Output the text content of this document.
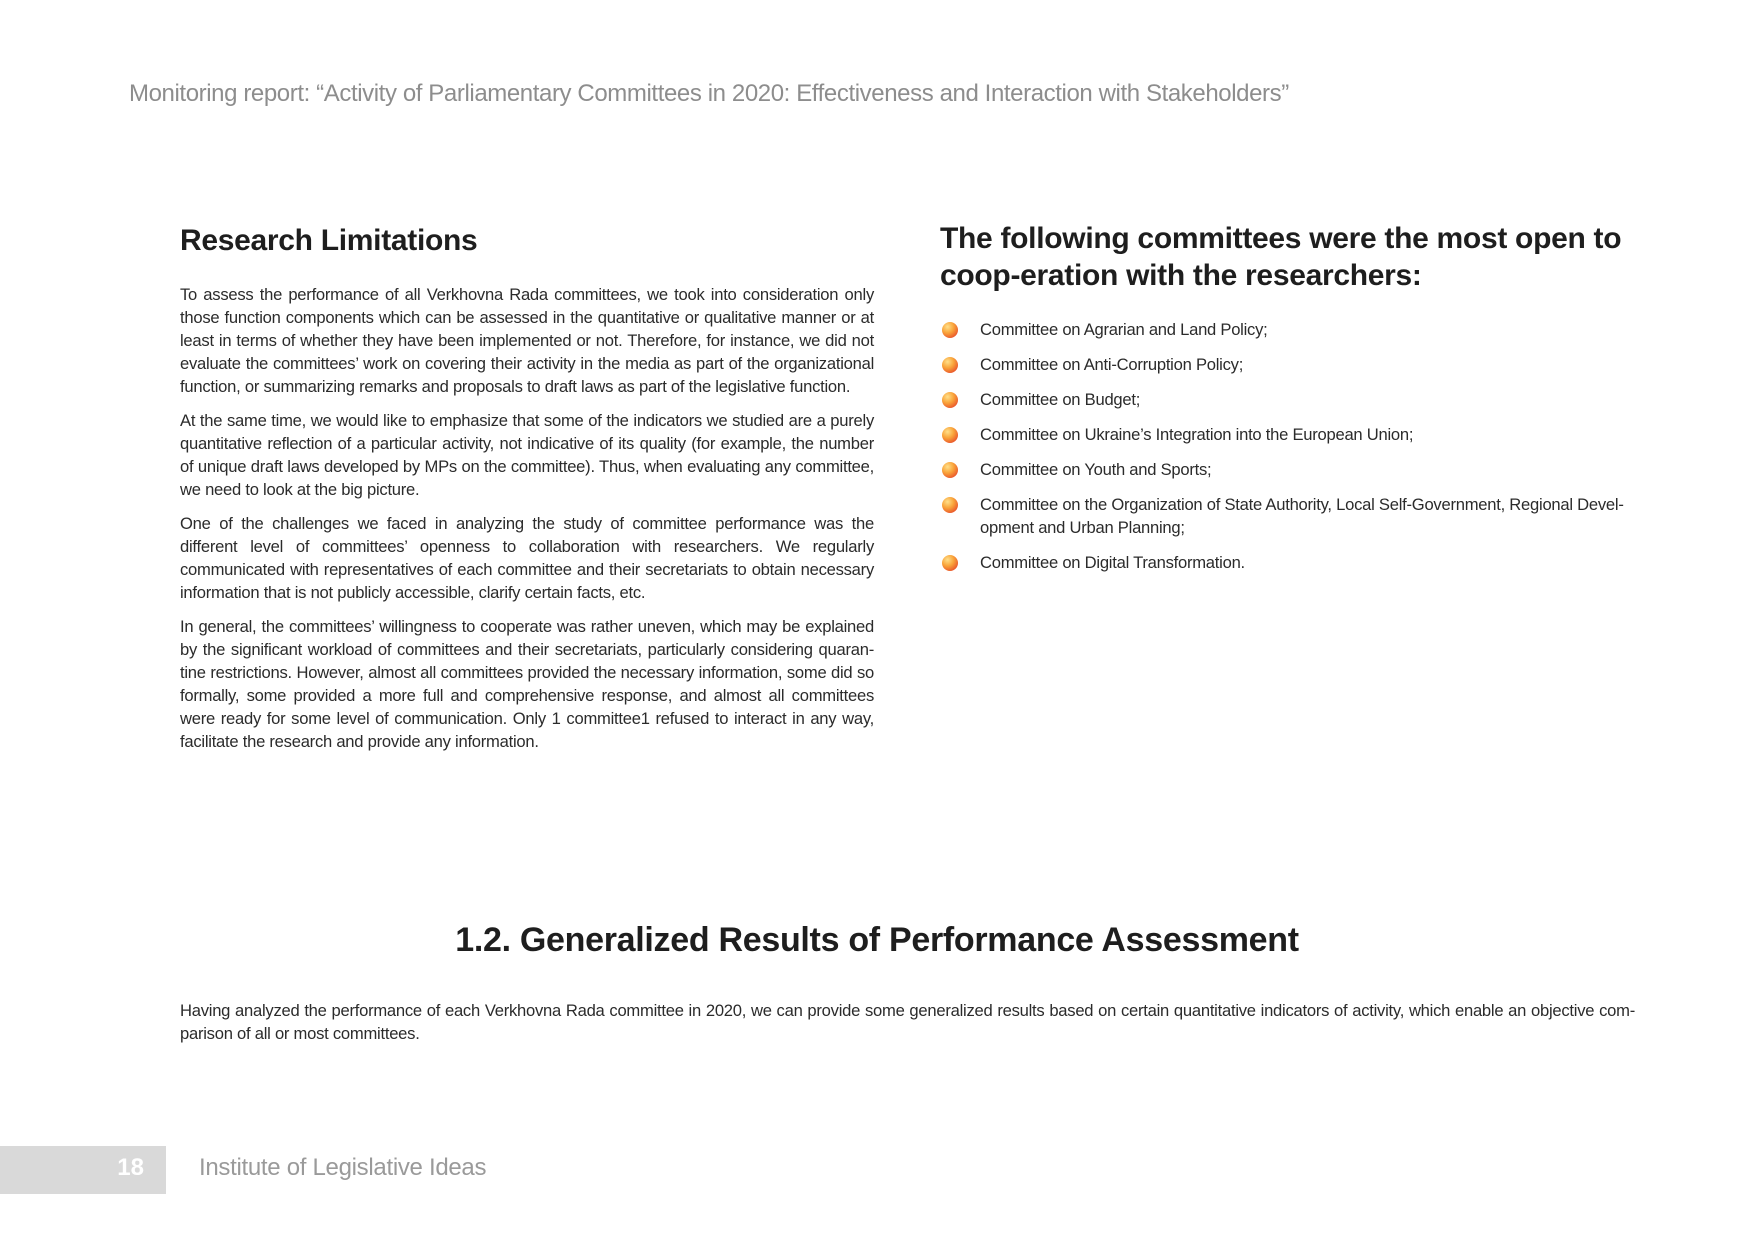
Monitoring report: “Activity of Parliamentary Committees in 2020: Effectiveness and Interaction with Stakeholders”
Research Limitations

To assess the performance of all Verkhovna Rada committees, we took into consideration only those function components which can be assessed in the quantitative or qualitative manner or at least in terms of whether they have been implemented or not. Therefore, for instance, we did not evaluate the committees’ work on covering their activity in the media as part of the organizational function, or summarizing remarks and proposals to draft laws as part of the legislative function.

At the same time, we would like to emphasize that some of the indicators we studied are a purely quantitative reflection of a particular activity, not indicative of its quality (for example, the number of unique draft laws developed by MPs on the committee). Thus, when evaluating any committee, we need to look at the big picture.

One of the challenges we faced in analyzing the study of committee performance was the different level of committees’ openness to collaboration with researchers. We regularly communicated with representatives of each committee and their secretariats to obtain necessary information that is not publicly accessible, clarify certain facts, etc.

In general, the committees’ willingness to cooperate was rather uneven, which may be explained by the significant workload of committees and their secretariats, particularly considering quaran-tine restrictions. However, almost all committees provided the necessary information, some did so formally, some provided a more full and comprehensive response, and almost all committees were ready for some level of communication. Only 1 committee1 refused to interact in any way, facilitate the research and provide any information.

The following committees were the most open to coop-eration with the researchers:
Committee on Agrarian and Land Policy;
Committee on Anti-Corruption Policy;
Committee on Budget;
Committee on Ukraine’s Integration into the European Union;
Committee on Youth and Sports;
Committee on the Organization of State Authority, Local Self-Government, Regional Devel-opment and Urban Planning;
Committee on Digital Transformation.
1.2. Generalized Results of Performance Assessment

Having analyzed the performance of each Verkhovna Rada committee in 2020, we can provide some generalized results based on certain quantitative indicators of activity, which enable an objective com-parison of all or most committees.

18 Institute of Legislative Ideas
